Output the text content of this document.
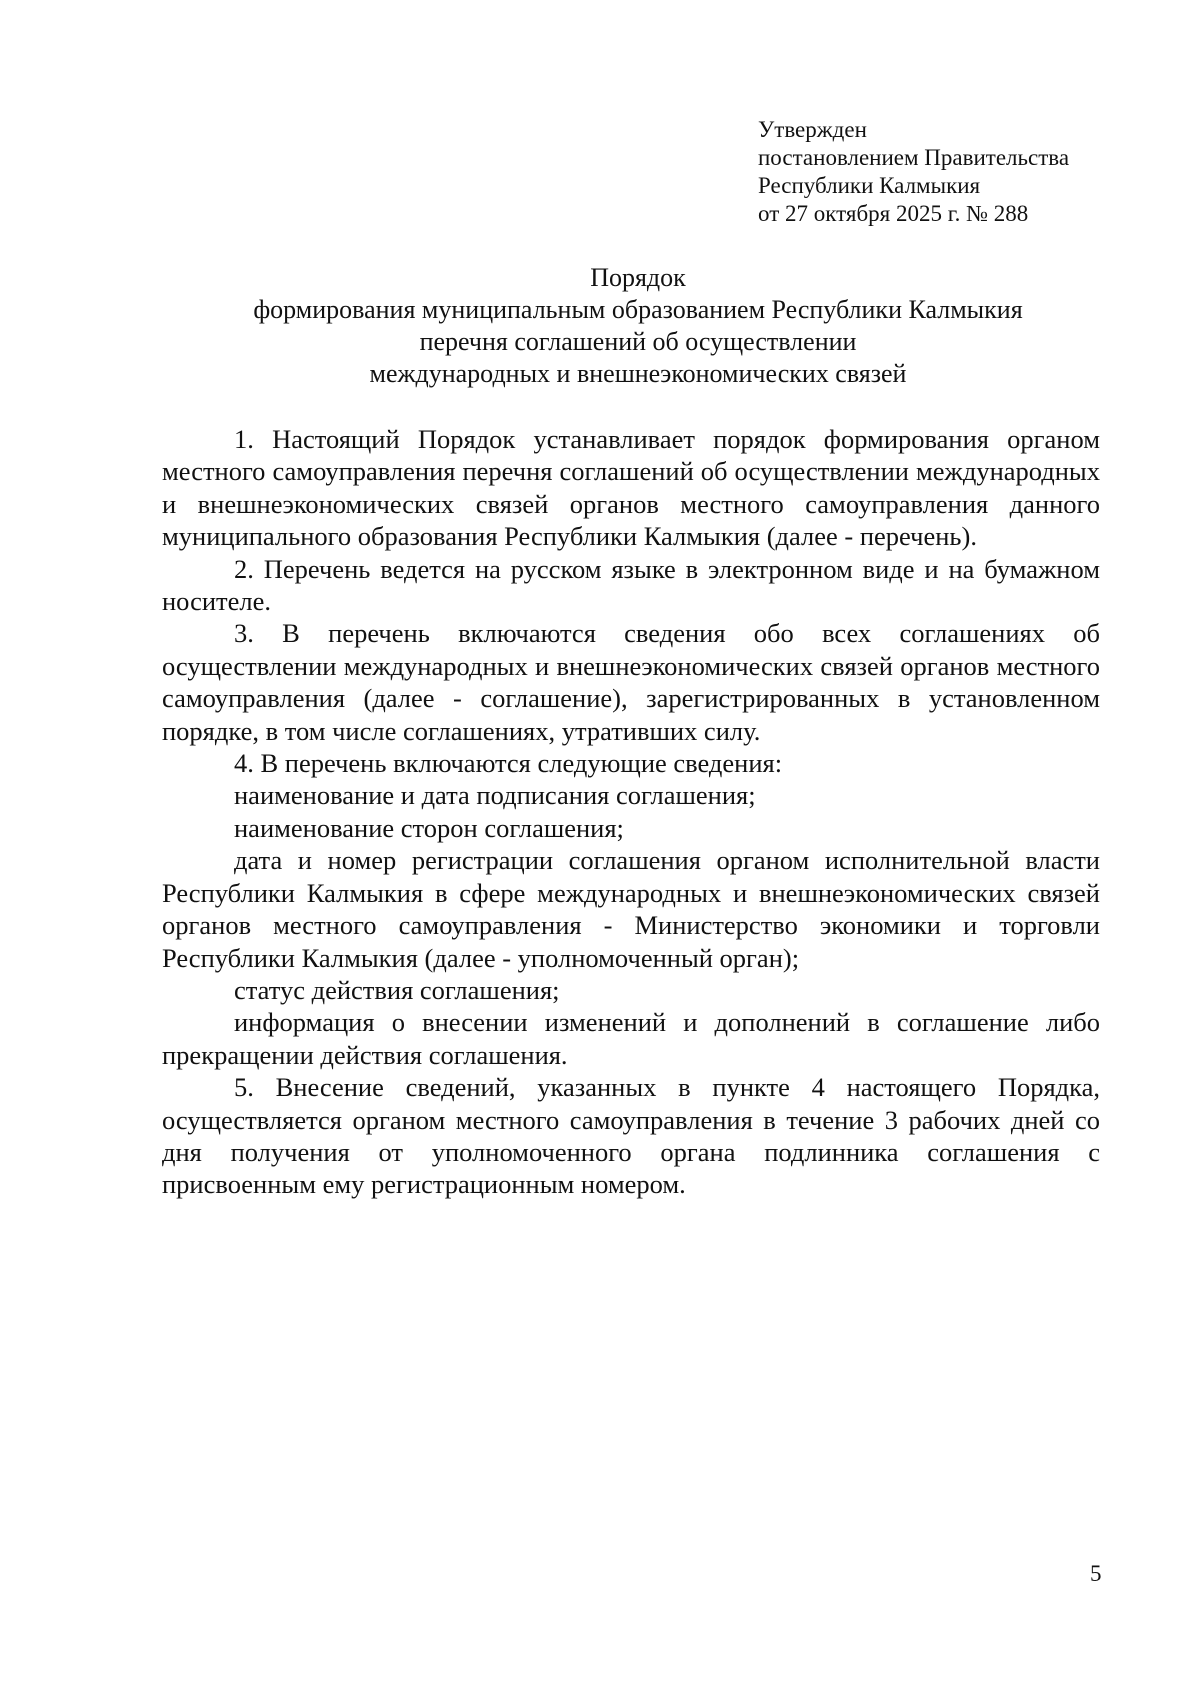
Утвержден
постановлением Правительства
Республики Калмыкия
от 27 октября 2025 г. № 288
Порядок
формирования муниципальным образованием Республики Калмыкия
перечня соглашений об осуществлении
международных и внешнеэкономических связей

1. Настоящий Порядок устанавливает порядок формирования органом местного самоуправления перечня соглашений об осуществлении международных и внешнеэкономических связей органов местного самоуправления данного муниципального образования Республики Калмыкия (далее - перечень).

2. Перечень ведется на русском языке в электронном виде и на бумажном носителе.

3. В перечень включаются сведения обо всех соглашениях об осуществлении международных и внешнеэкономических связей органов местного самоуправления (далее - соглашение), зарегистрированных в установленном порядке, в том числе соглашениях, утративших силу.

4. В перечень включаются следующие сведения:

наименование и дата подписания соглашения;

наименование сторон соглашения;

дата и номер регистрации соглашения органом исполнительной власти Республики Калмыкия в сфере международных и внешнеэкономических связей органов местного самоуправления - Министерство экономики и торговли Республики Калмыкия (далее - уполномоченный орган);

статус действия соглашения;

информация о внесении изменений и дополнений в соглашение либо прекращении действия соглашения.

5. Внесение сведений, указанных в пункте 4 настоящего Порядка, осуществляется органом местного самоуправления в течение 3 рабочих дней со дня получения от уполномоченного органа подлинника соглашения с присвоенным ему регистрационным номером.

5
